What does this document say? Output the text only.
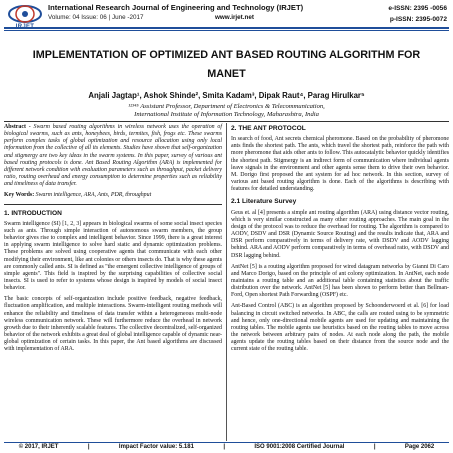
International Research Journal of Engineering and Technology (IRJET)
Volume: 04 Issue: 06 | June -2017	www.irjet.net
e-ISSN: 2395 -0056
p-ISSN: 2395-0072
IMPLEMENTATION OF OPTIMIZED ANT BASED ROUTING ALGORITHM FOR MANET
Anjali Jagtap¹, Ashok Shinde², Smita Kadam³, Dipak Raut⁴, Parag Hirulkar⁵
¹²³⁴⁵ Assistant Professor, Department of Electronics & Telecommunication,
International Institute of Information Technology, Maharashtra, India

Abstract - Swarm based routing algorithms in wireless network uses the operation of biological swarms, such as ants, honeybees, birds, termites, fish, frogs etc. These swarms perform complex tasks of global optimization and resource allocation using only local information from the collective of all its elements. Studies have shown that self-organization and stigmergy are two key ideas in the swarm systems. In this paper, survey of various ant based routing protocols is done. Ant Based Routing Algorithm (ARA) is implemented for different network condition with evaluation parameters such as throughput, packet delivery ratio, routing overhead and energy consumption to determine properties such as reliability and timeliness of data transfer.

Key Words: Swarm intelligence, ARA, Ants, PDR, throughput

1. INTRODUCTION

Swarm intelligence (SI) [1, 2, 3] appears in biological swarms of some social insect species such as ants. Through simple interaction of autonomous swarm members, the group behavior gives rise to complex and intelligent behavior. Since 1999, there is a great interest in applying swarm intelligence to solve hard static and dynamic optimization problems. These problems are solved using cooperative agents that communicate with each other modifying their environment, like ant colonies or others insects do. That is why these agents are commonly called ants. SI is defined as "the emergent collective intelligence of groups of simple agents". This field is inspired by the surprising capabilities of collective social insects. SI is used to refer to systems whose design is inspired by models of social insect behavior.

The basic concepts of self-organization include positive feedback, negative feedback, fluctuation amplification, and multiple interactions. Swarm-intelligent routing methods will enhance the reliability and timeliness of data transfer within a heterogeneous multi-node wireless communication network. These will furthermore reduce the overhead in network growth due to their inherently scalable features. The collective decentralized, self-organized behavior of the network exhibits a great deal of global intelligence capable of dynamic near-global optimization of certain tasks. In this paper, the Ant based algorithms are discussed with implementation of ARA.

2. THE ANT PROTOCOL

In search of food, Ant secrets chemical pheromone. Based on the probability of pheromone ants finds the shortest path. The ants, which travel the shortest path, reinforce the path with more pheromone that aids other ants to follow. This autocatalytic behavior quickly identifies the shortest path. Stigmergy is an indirect form of communication where individual agents leave signals in the environment and other agents sense them to drive their own behavior. M. Dorigo first proposed the ant system for ad hoc network. In this section, survey of various ant based routing algorithm is done. Each of the algorithms is describing with features for detailed understanding.

2.1 Literature Survey

Geus et. al [4] presents a simple ant routing algorithm (ARA) using distance vector routing, which is very similar constructed as many other routing approaches. The main goal in the design of the protocol was to reduce the overhead for routing. The algorithm is compared to AODV, DSDV and DSR (Dynamic Source Routing) and the results indicate that, ARA and DSR perform comparatively in terms of delivery rate, with DSDV and AODV lagging behind. ARA and AODV perform comparatively in terms of overhead ratio, with DSDV and DSR lagging behind.

AntNet [5] is a routing algorithm proposed for wired datagram networks by Gianni Di Caro and Marco Dorigo, based on the principle of ant colony optimization. In AntNet, each node maintains a routing table and an additional table containing statistics about the traffic distribution over the network. AntNet [5] has been shown to perform better than Bellman-Ford, Open shortest Path Forwarding (OSPF) etc.

Ant-Based Control (ABC) is an algorithm proposed by Schoonderwoerd et al. [6] for load balancing in circuit switched networks. In ABC, the calls are routed using to be symmetric and hence, only one-directional mobile agents are used for updating and maintaining the routing tables. The mobile agents use heuristics based on the routing tables to move across the network between arbitrary pairs of nodes. At each node along the path, the mobile agents update the routing tables based on their distance from the source node and the current state of the routing table.

© 2017, IRJET	|	Impact Factor value: 5.181	|	ISO 9001:2008 Certified Journal	|	Page 2062
